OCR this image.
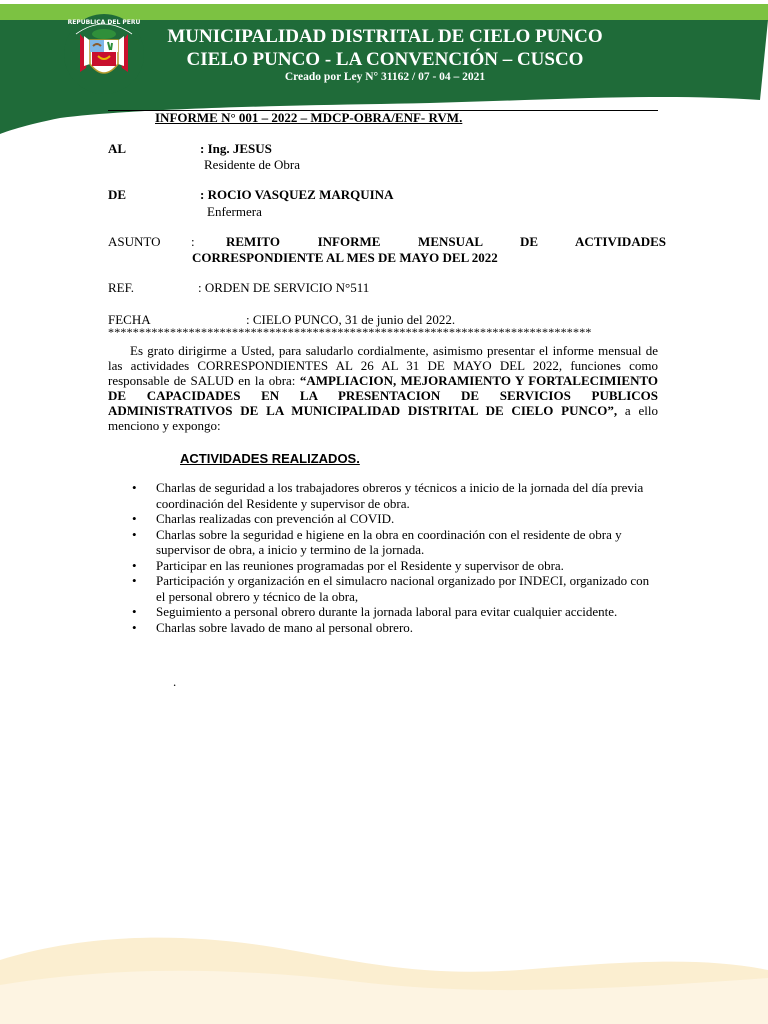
REPUBLICA DEL PERU
MUNICIPALIDAD DISTRITAL DE CIELO PUNCO
CIELO PUNCO - LA CONVENCIÓN – CUSCO
Creado por Ley N° 31162 / 07 - 04 – 2021
INFORME N° 001 – 2022 – MDCP-OBRA/ENF- RVM.
AL	: Ing. JESUS
Residente de Obra
DE	: ROCIO VASQUEZ MARQUINA
Enfermera
ASUNTO : REMITO INFORME MENSUAL DE ACTIVIDADES
CORRESPONDIENTE AL MES DE MAYO DEL 2022
REF.	: ORDEN DE SERVICIO N°511
FECHA	: CIELO PUNCO, 31 de junio del 2022.
******************************************************************************
Es grato dirigirme a Usted, para saludarlo cordialmente, asimismo presentar el informe mensual de las actividades CORRESPONDIENTES AL 26 AL 31 DE MAYO DEL 2022, funciones como responsable de SALUD en la obra: “AMPLIACION, MEJORAMIENTO Y FORTALECIMIENTO DE CAPACIDADES EN LA PRESENTACION DE SERVICIOS PUBLICOS ADMINISTRATIVOS DE LA MUNICIPALIDAD DISTRITAL DE CIELO PUNCO”, a ello menciono y expongo:
ACTIVIDADES REALIZADOS.
• Charlas de seguridad a los trabajadores obreros y técnicos a inicio de la jornada del día previa coordinación del Residente y supervisor de obra.
• Charlas realizadas con prevención al COVID.
• Charlas sobre la seguridad e higiene en la obra en coordinación con el residente de obra y supervisor de obra, a inicio y termino de la jornada.
• Participar en las reuniones programadas por el Residente y supervisor de obra.
• Participación y organización en el simulacro nacional organizado por INDECI, organizado con el personal obrero y técnico de la obra,
• Seguimiento a personal obrero durante la jornada laboral para evitar cualquier accidente.
• Charlas sobre lavado de mano al personal obrero.
.
